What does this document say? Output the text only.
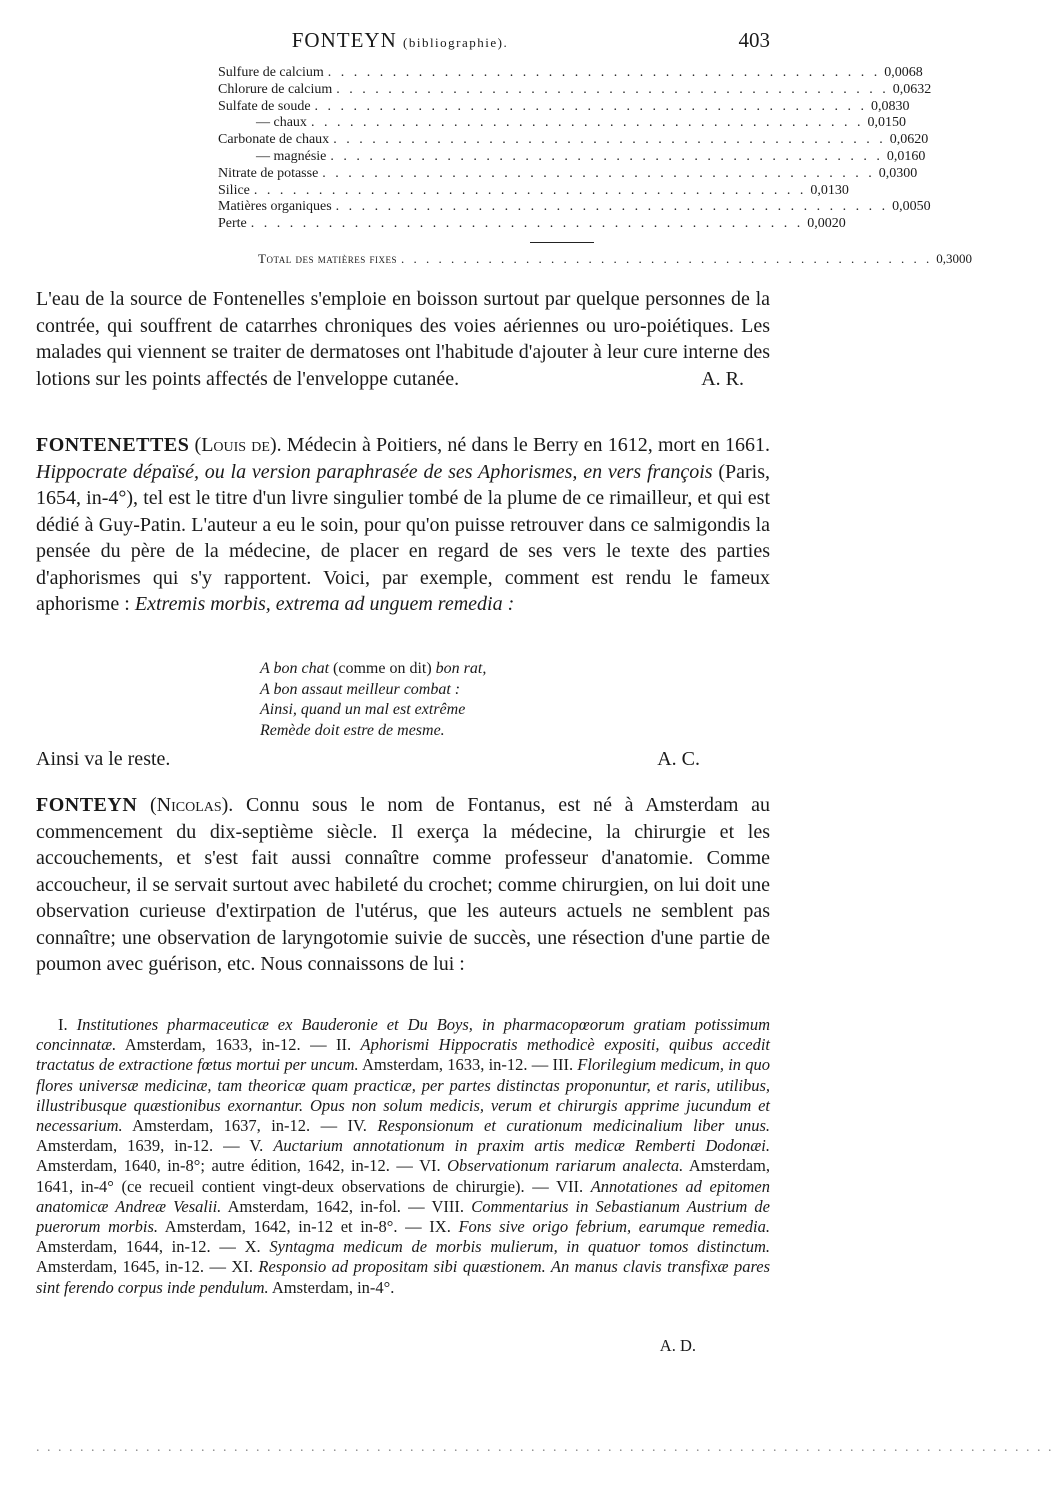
FONTEYN (bibliographie).	403
Sulfure de calcium . . .	0,0068
Chlorure de calcium . . .	0,0632
Sulfate de soude . . .	0,0830
— chaux . . .	0,0150
Carbonate de chaux . . .	0,0620
— magnésie . . .	0,0160
Nitrate de potasse . . .	0,0300
Silice . . .	0,0130
Matières organiques . . .	0,0050
Perte . . .	0,0020
Total des matières fixes . . .	0,3000

L'eau de la source de Fontenelles s'emploie en boisson surtout par quelque personnes de la contrée, qui souffrent de catarrhes chroniques des voies aériennes ou uro-poiétiques. Les malades qui viennent se traiter de dermatoses ont l'habitude d'ajouter à leur cure interne des lotions sur les points affectés de l'enveloppe cutanée.	A. R.

FONTENETTES (Louis de). Médecin à Poitiers, né dans le Berry en 1612, mort en 1661. Hippocrate dépaïsé, ou la version paraphrasée de ses Aphorismes, en vers françois (Paris, 1654, in-4°), tel est le titre d'un livre singulier tombé de la plume de ce rimailleur, et qui est dédié à Guy-Patin. L'auteur a eu le soin, pour qu'on puisse retrouver dans ce salmigondis la pensée du père de la médecine, de placer en regard de ses vers le texte des parties d'aphorismes qui s'y rapportent. Voici, par exemple, comment est rendu le fameux aphorisme : Extremis morbis, extrema ad unguem remedia :

A bon chat (comme on dit) bon rat,
A bon assaut meilleur combat :
Ainsi, quand un mal est extrême
Remède doit estre de mesme.
Ainsi va le reste.	A. C.

FONTEYN (Nicolas). Connu sous le nom de Fontanus, est né à Amsterdam au commencement du dix-septième siècle. Il exerça la médecine, la chirurgie et les accouchements, et s'est fait aussi connaître comme professeur d'anatomie. Comme accoucheur, il se servait surtout avec habileté du crochet; comme chirurgien, on lui doit une observation curieuse d'extirpation de l'utérus, que les auteurs actuels ne semblent pas connaître; une observation de laryngotomie suivie de succès, une résection d'une partie de poumon avec guérison, etc. Nous connaissons de lui :

I. Institutiones pharmaceuticæ ex Bauderonie et Du Boys, in pharmacopœorum gratiam potissimum concinnatæ. Amsterdam, 1633, in-12. — II. Aphorismi Hippocratis methodicè expositi, quibus accedit tractatus de extractione fœtus mortui per uncum. Amsterdam, 1633, in-12. — III. Florilegium medicum, in quo flores universæ medicinæ, tam theoricæ quam practicæ, per partes distinctas proponuntur, et raris, utilibus, illustribusque quæstionibus exornantur. Opus non solum medicis, verum et chirurgis apprime jucundum et necessarium. Amsterdam, 1637, in-12. — IV. Responsionum et curationum medicinalium liber unus. Amsterdam, 1639, in-12. — V. Auctarium annotationum in praxim artis medicæ Remberti Dodonæi. Amsterdam, 1640, in-8°; autre édition, 1642, in-12. — VI. Observationum rariarum analecta. Amsterdam, 1641, in-4° (ce recueil contient vingt-deux observations de chirurgie). — VII. Annotationes ad epitomen anatomicæ Andreæ Vesalii. Amsterdam, 1642, in-fol. — VIII. Commentarius in Sebastianum Austrium de puerorum morbis. Amsterdam, 1642, in-12 et in-8°. — IX. Fons sive origo febrium, earumque remedia. Amsterdam, 1644, in-12. — X. Syntagma medicum de morbis mulierum, in quatuor tomos distinctum. Amsterdam, 1645, in-12. — XI. Responsio ad propositam sibi quæstionem. An manus clavis transfixæ pares sint ferendo corpus inde pendulum. Amsterdam, in-4°.

A. D.
. . . . . . . . . . . . . . . . . . . . . . . . . . . . . . . . . . . . . . . . . . . . . . . . . . . . . . . . . . . . . . . . . . . . . . . . . . . . . . . . . . . . . . . . . . . . .
